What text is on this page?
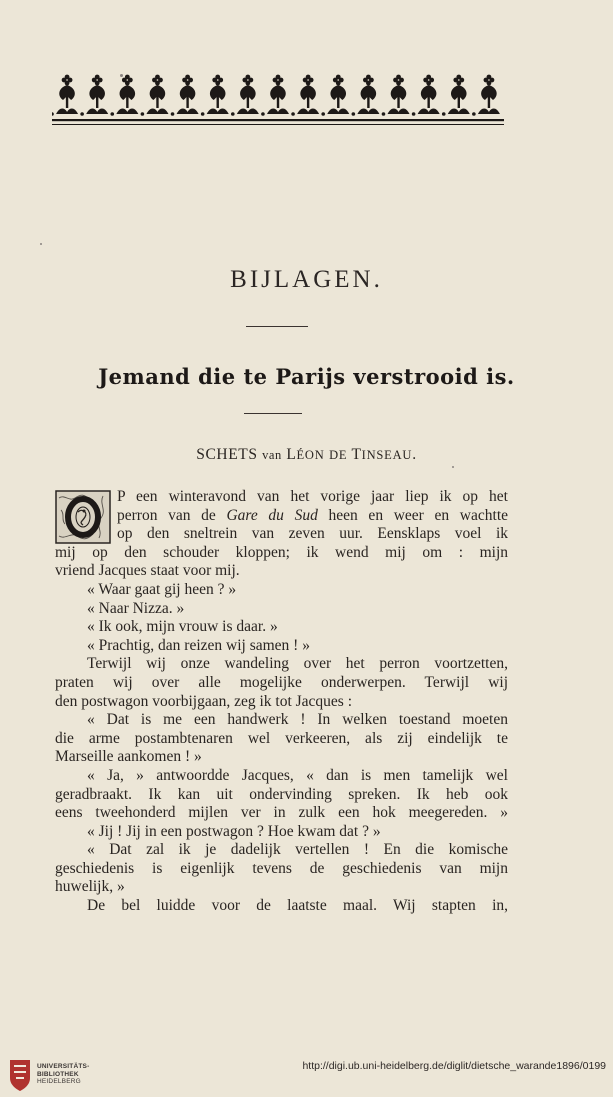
BIJLAGEN.
Jemand die te Parijs verstrooid is.
SCHETS van LÉON DE TINSEAU.
P een winteravond van het vorige jaar liep ik op het
perron van de Gare du Sud heen en weer en wachtte
op den sneltrein van zeven uur. Eensklaps voel ik
mij op den schouder kloppen; ik wend mij om : mijn
vriend Jacques staat voor mij.
« Waar gaat gij heen ? »
« Naar Nizza. »
« Ik ook, mijn vrouw is daar. »
« Prachtig, dan reizen wij samen ! »
Terwijl wij onze wandeling over het perron voortzetten,
praten wij over alle mogelijke onderwerpen. Terwijl wij
den postwagon voorbijgaan, zeg ik tot Jacques :
« Dat is me een handwerk ! In welken toestand moeten
die arme postambtenaren wel verkeeren, als zij eindelijk te
Marseille aankomen ! »
« Ja, » antwoordde Jacques, « dan is men tamelijk wel
geradbraakt. Ik kan uit ondervinding spreken. Ik heb ook
eens tweehonderd mijlen ver in zulk een hok meegereden. »
« Jij ! Jij in een postwagon ? Hoe kwam dat ? »
« Dat zal ik je dadelijk vertellen ! En die komische
geschiedenis is eigenlijk tevens de geschiedenis van mijn
huwelijk, »
De bel luidde voor de laatste maal. Wij stapten in,
UNIVERSITÄTS-
BIBLIOTHEK
HEIDELBERG
http://digi.ub.uni-heidelberg.de/diglit/dietsche_warande1896/0199
